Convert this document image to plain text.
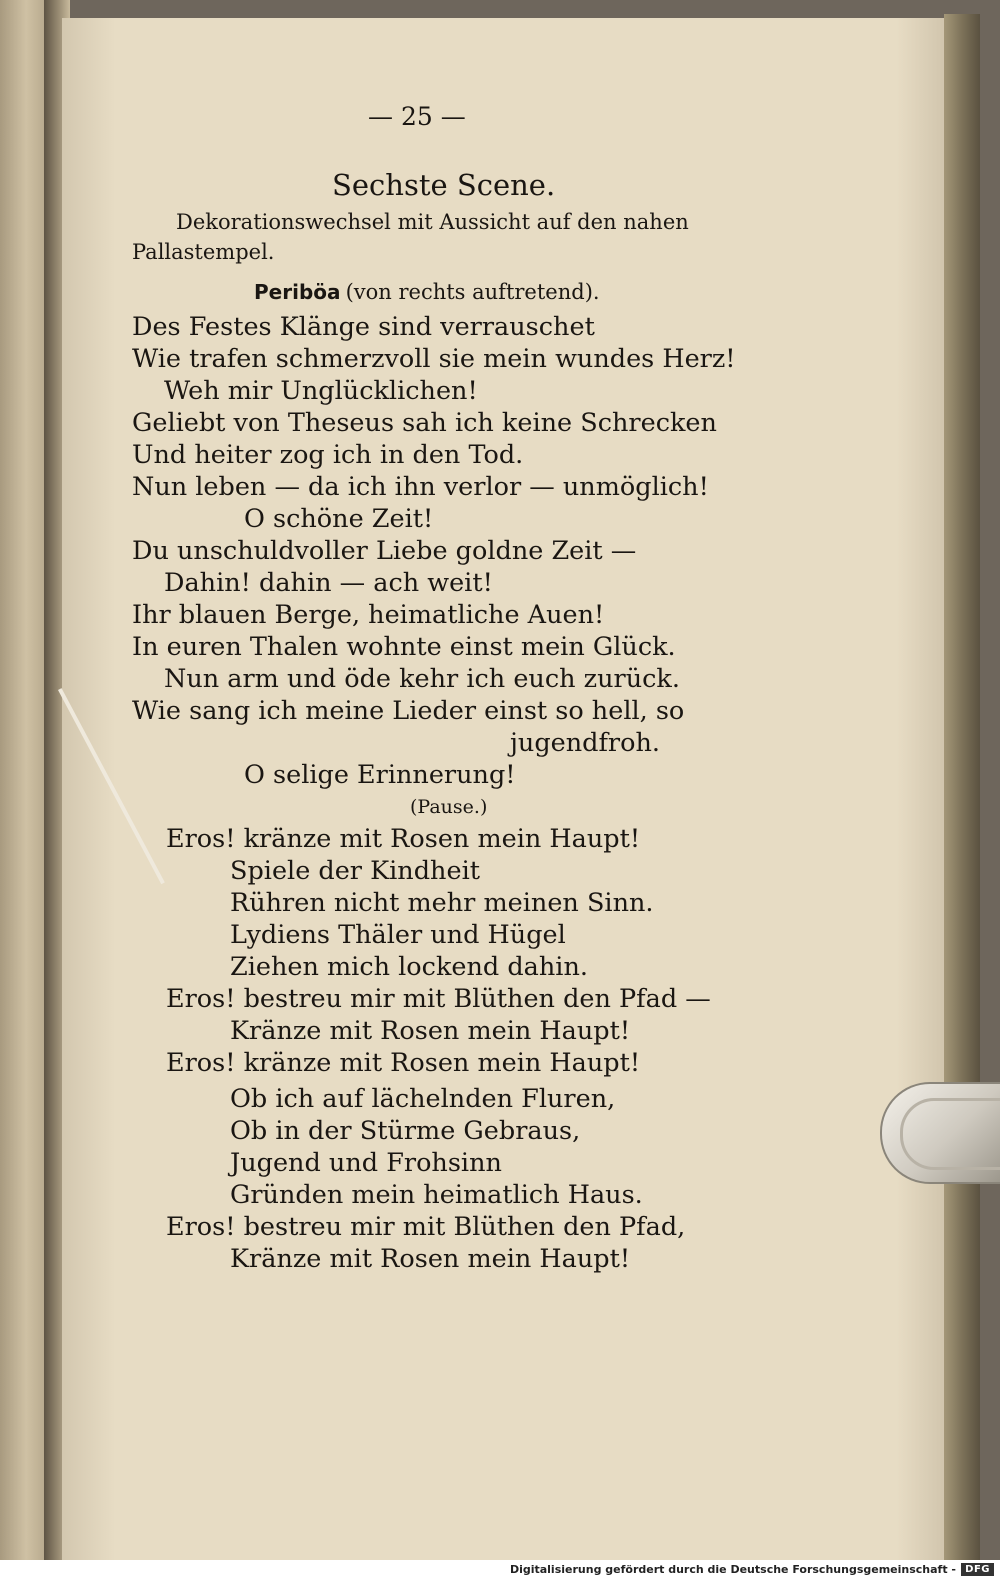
— 25 —
Sechste Scene.
Dekorationswechsel mit Aussicht auf den nahen
Pallastempel.
Periböa (von rechts auftretend).
Des Festes Klänge sind verrauschet
Wie trafen schmerzvoll sie mein wundes Herz!
Weh mir Unglücklichen!
Geliebt von Theseus sah ich keine Schrecken
Und heiter zog ich in den Tod.
Nun leben — da ich ihn verlor — unmöglich!
O schöne Zeit!
Du unschuldvoller Liebe goldne Zeit —
Dahin! dahin — ach weit!
Ihr blauen Berge, heimatliche Auen!
In euren Thalen wohnte einst mein Glück.
Nun arm und öde kehr ich euch zurück.
Wie sang ich meine Lieder einst so hell, so
jugendfroh.
O selige Erinnerung!
(Pause.)
Eros! kränze mit Rosen mein Haupt!
Spiele der Kindheit
Rühren nicht mehr meinen Sinn.
Lydiens Thäler und Hügel
Ziehen mich lockend dahin.
Eros! bestreu mir mit Blüthen den Pfad —
Kränze mit Rosen mein Haupt!
Eros! kränze mit Rosen mein Haupt!
Ob ich auf lächelnden Fluren,
Ob in der Stürme Gebraus,
Jugend und Frohsinn
Gründen mein heimatlich Haus.
Eros! bestreu mir mit Blüthen den Pfad,
Kränze mit Rosen mein Haupt!
Digitalisierung gefördert durch die Deutsche Forschungsgemeinschaft - DFG
